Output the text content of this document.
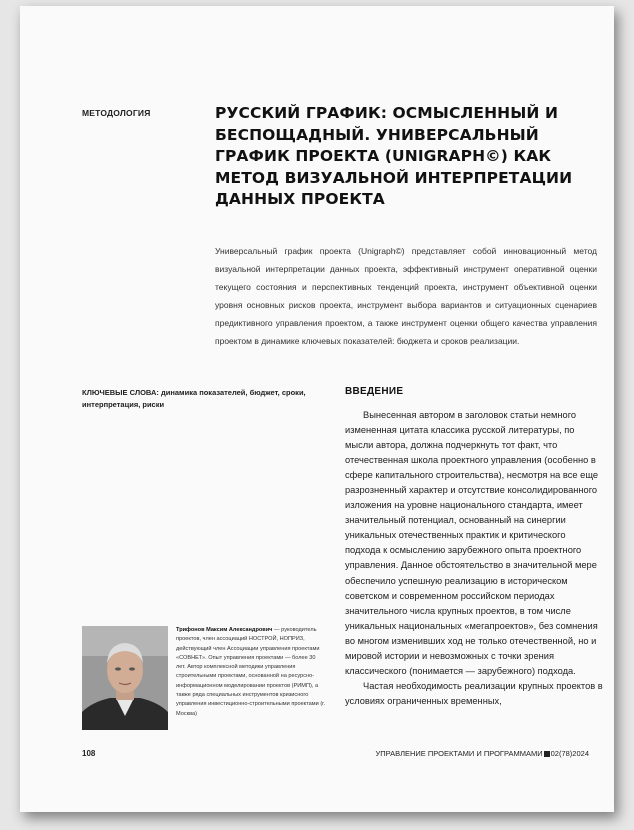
МЕТОДОЛОГИЯ	РУССКИЙ ГРАФИК: ОСМЫСЛЕННЫЙ И БЕСПОЩАДНЫЙ. УНИВЕРСАЛЬНЫЙ ГРАФИК ПРОЕКТА (UNIGRAPH©) КАК МЕТОД ВИЗУАЛЬНОЙ ИНТЕРПРЕТАЦИИ ДАННЫХ ПРОЕКТА
Универсальный график проекта (Unigraph©) представляет собой инновационный метод визуальной интерпретации данных проекта, эффективный инструмент оперативной оценки текущего состояния и перспективных тенденций проекта, инструмент объективной оценки уровня основных рисков проекта, инструмент выбора вариантов и ситуационных сценариев предиктивного управления проектом, а также инструмент оценки общего качества управления проектом в динамике ключевых показателей: бюджета и сроков реализации.
КЛЮЧЕВЫЕ СЛОВА: динамика показателей, бюджет, сроки, интерпретация, риски
ВВЕДЕНИЕ

Вынесенная автором в заголовок статьи немного измененная цитата классика русской литературы, по мысли автора, должна подчеркнуть тот факт, что отечественная школа проектного управления (особенно в сфере капитального строительства), несмотря на все еще разрозненный характер и отсутствие консолидированного изложения на уровне национального стандарта, имеет значительный потенциал, основанный на синергии уникальных отечественных практик и критического подхода к осмыслению зарубежного опыта проектного управления. Данное обстоятельство в значительной мере обеспечило успешную реализацию в историческом советском и современном российском периодах значительного числа крупных проектов, в том числе уникальных национальных «мегапроектов», без сомнения во многом изменивших ход не только отечественной, но и мировой истории и невозможных с точки зрения классического (понимается — зарубежного) подхода.

Частая необходимость реализации крупных проектов в условиях ограниченных временных,

Трифонов Максим Александрович — руководитель проектов, член ассоциаций НОСТРОЙ, НОПРИЗ, действующий член Ассоциации управления проектами «СОВНЕТ». Опыт управления проектами — более 30 лет. Автор комплексной методики управления строительными проектами, основанной на ресурсно-информационном моделировании проектов (РИМП), а также ряда специальных инструментов кризисного управления инвестиционно-строительными проектами (г. Москва)
108	УПРАВЛЕНИЕ ПРОЕКТАМИ И ПРОГРАММАМИ 02(78)2024
